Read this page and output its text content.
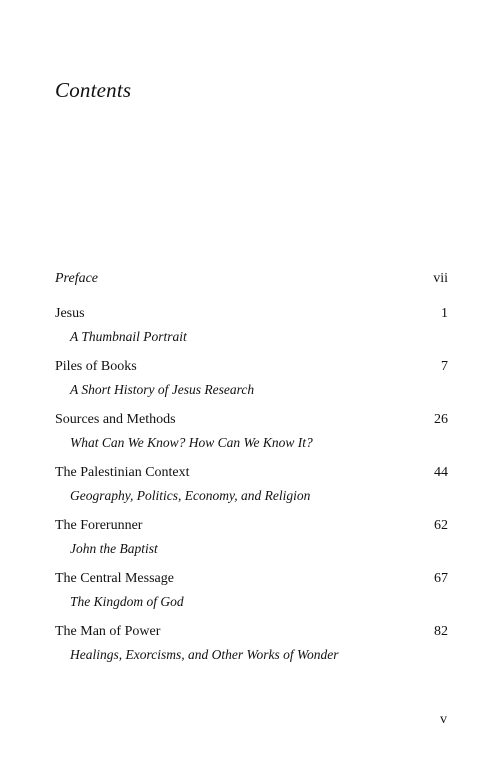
Contents
Preface	vii
Jesus	1
A Thumbnail Portrait
Piles of Books	7
A Short History of Jesus Research
Sources and Methods	26
What Can We Know? How Can We Know It?
The Palestinian Context	44
Geography, Politics, Economy, and Religion
The Forerunner	62
John the Baptist
The Central Message	67
The Kingdom of God
The Man of Power	82
Healings, Exorcisms, and Other Works of Wonder
v
